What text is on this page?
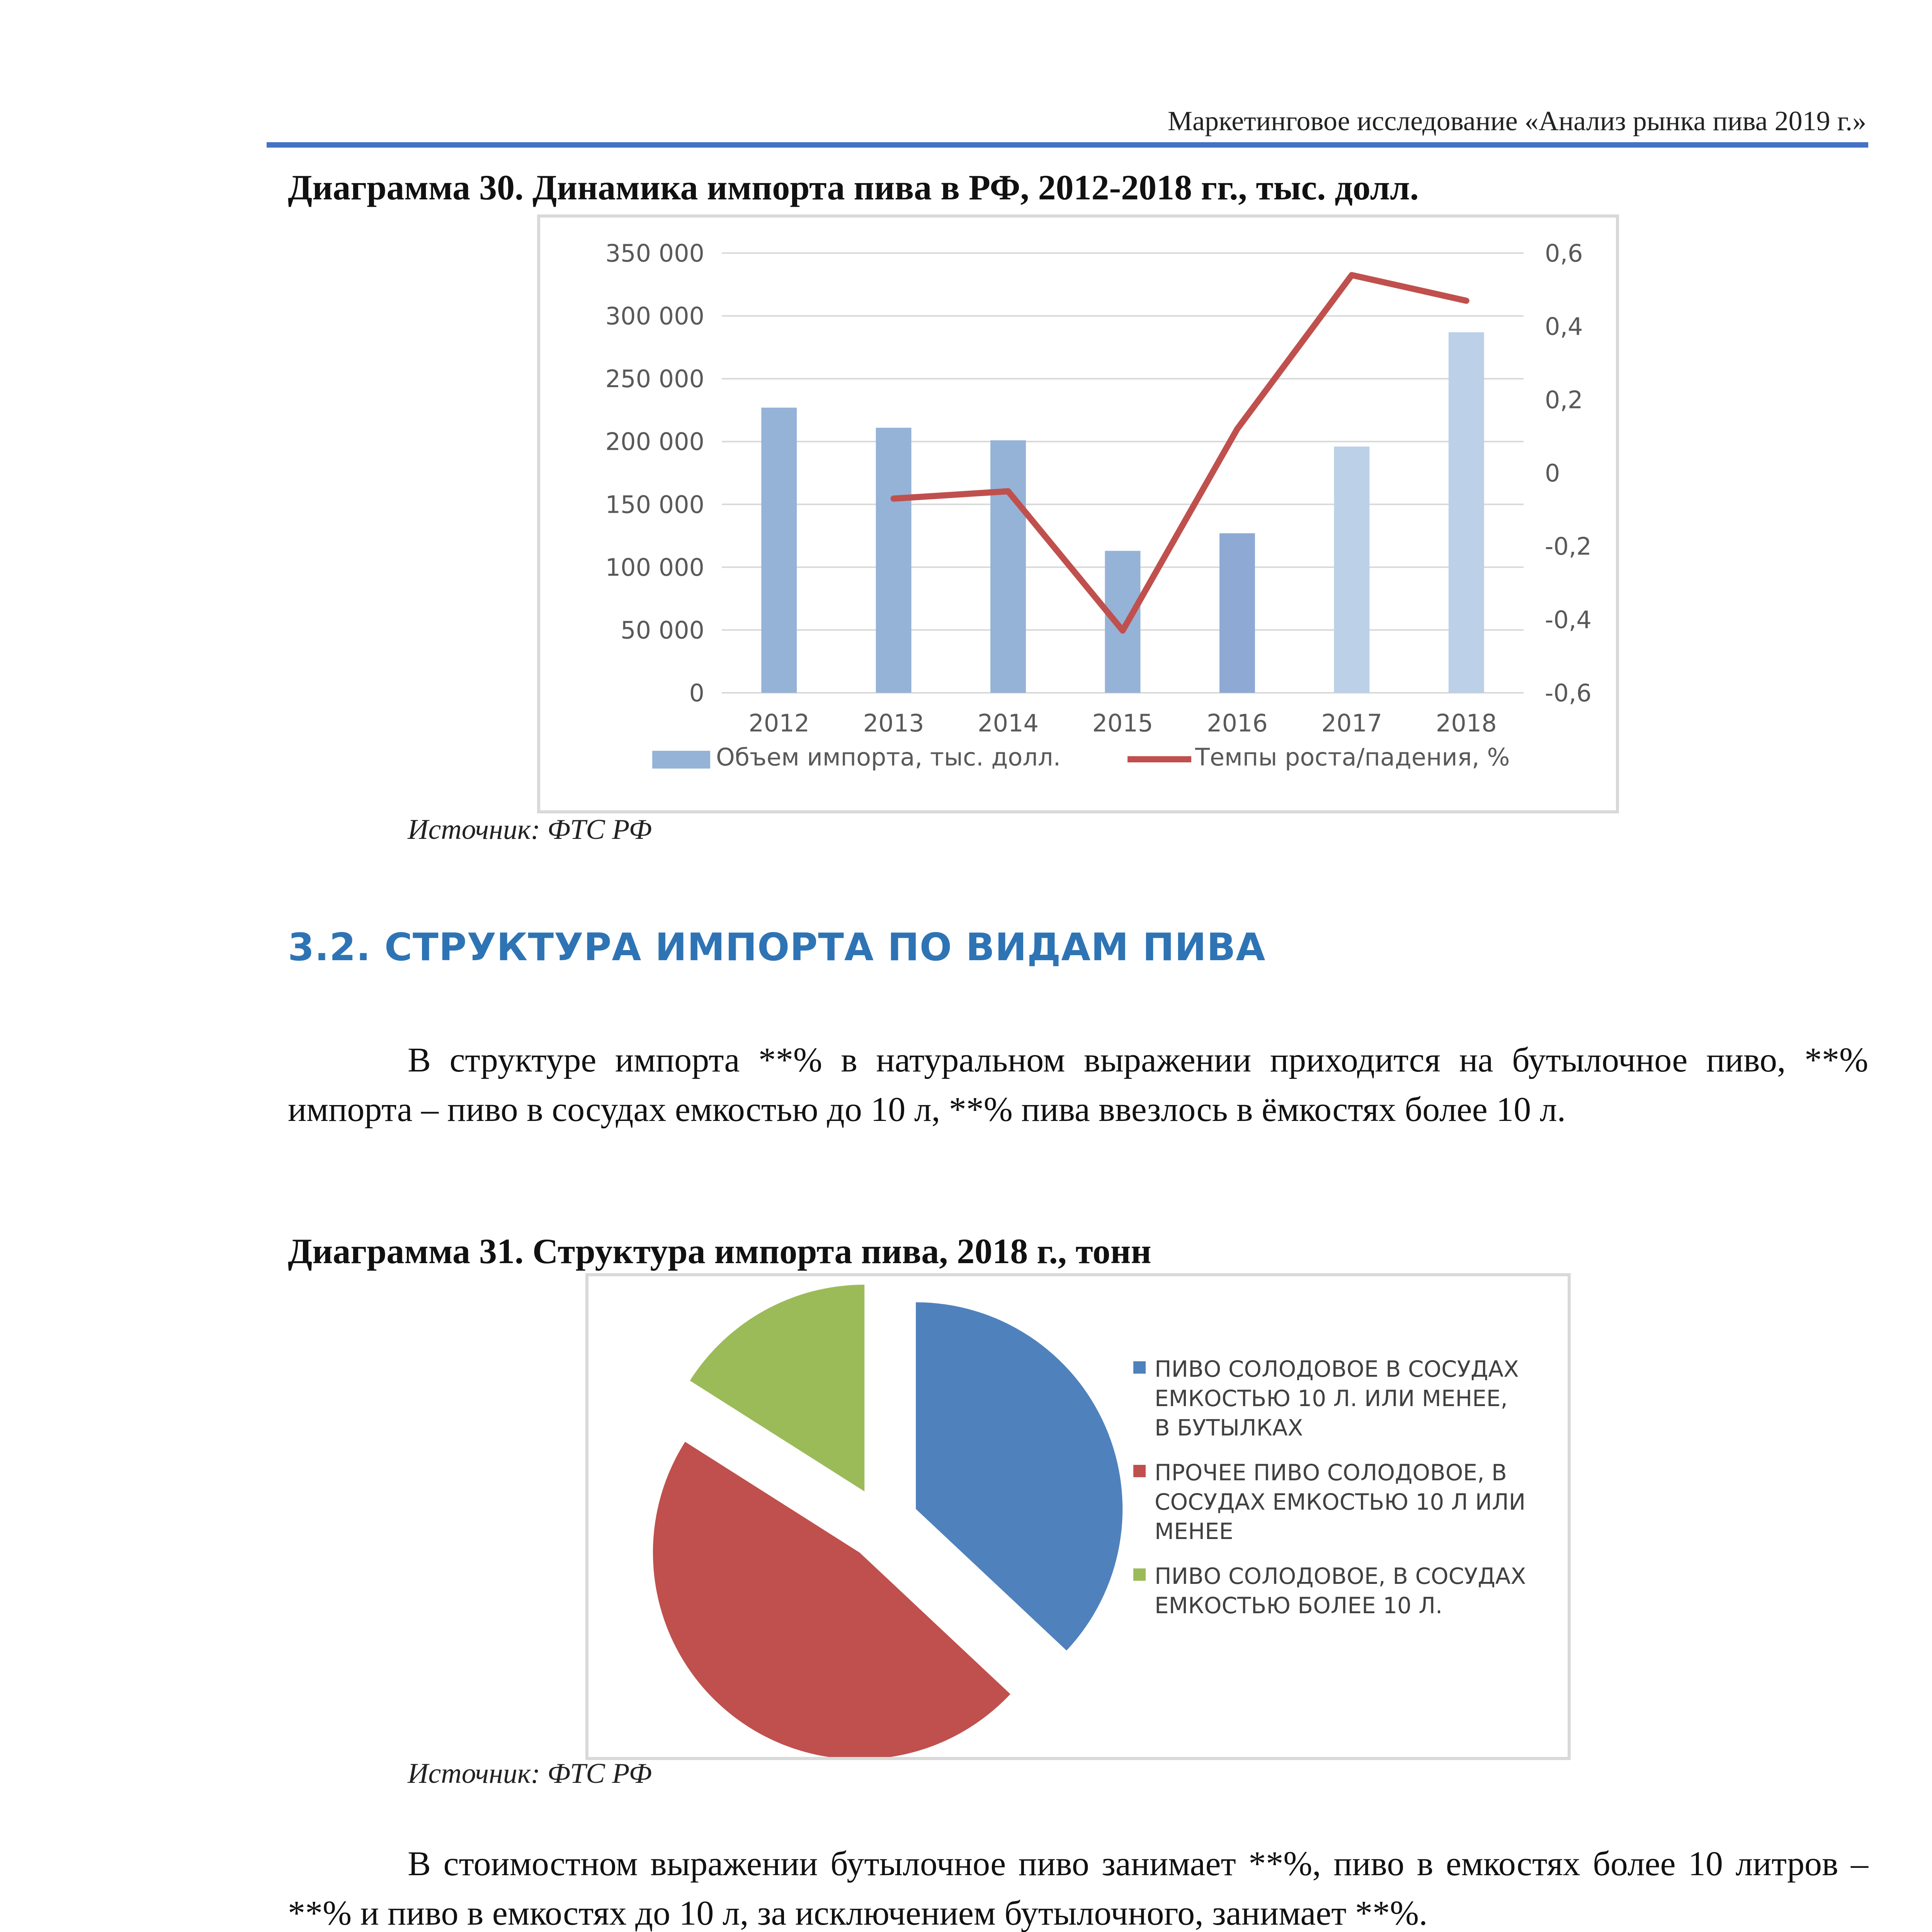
Маркетинговое исследование «Анализ рынка пива 2019 г.»
Диаграмма 30. Динамика импорта пива в РФ, 2012-2018 гг., тыс. долл.
0
50 000
100 000
150 000
200 000
250 000
300 000
350 000
-0,6
-0,4
-0,2
0
0,2
0,4
0,6
2012 2013 2014 2015 2016 2017 2018
Объем импорта, тыс. долл.	Темпы роста/падения, %
Источник: ФТС РФ
3.2. СТРУКТУРА ИМПОРТА ПО ВИДАМ ПИВА
В структуре импорта **% в натуральном выражении приходится на бутылочное пиво, **% импорта – пиво в сосудах емкостью до 10 л, **% пива ввезлось в ёмкостях более 10 л.
Диаграмма 31. Структура импорта пива, 2018 г., тонн
ПИВО СОЛОДОВОЕ В СОСУДАХ ЕМКОСТЬЮ 10 Л. ИЛИ МЕНЕЕ, В БУТЫЛКАХ
ПРОЧЕЕ ПИВО СОЛОДОВОЕ, В СОСУДАХ ЕМКОСТЬЮ 10 Л ИЛИ МЕНЕЕ
ПИВО СОЛОДОВОЕ, В СОСУДАХ ЕМКОСТЬЮ БОЛЕЕ 10 Л.
Источник: ФТС РФ
В стоимостном выражении бутылочное пиво занимает **%, пиво в емкостях более 10 литров – **% и пиво в емкостях до 10 л, за исключением бутылочного, занимает **%.
